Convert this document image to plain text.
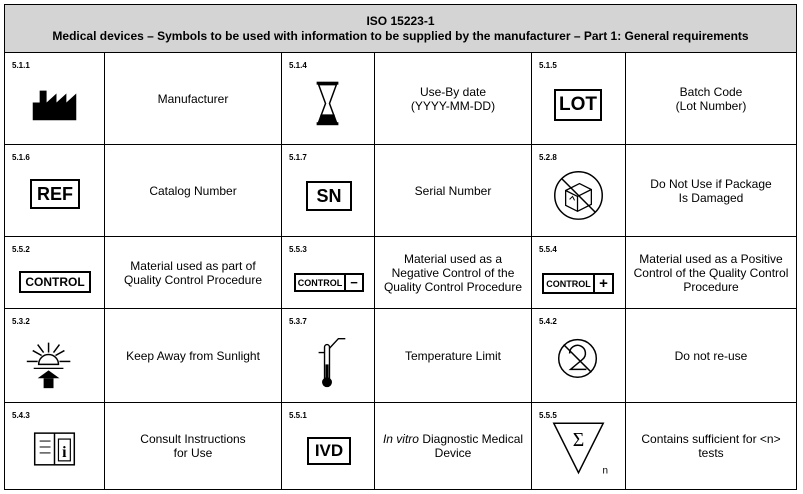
ISO 15223-1
Medical devices – Symbols to be used with information to be supplied by the manufacturer – Part 1: General requirements
5.1.1
Manufacturer
5.1.4
Use-By date
(YYYY-MM-DD)
5.1.5
LOT
Batch Code
(Lot Number)
5.1.6
REF	Catalog Number
5.1.7
SN	Serial Number
5.2.8
Do Not Use if Package
Is Damaged
5.5.2
CONTROL
Material used as part of Quality Control Procedure
5.5.3
CONTROL −
Material used as a Negative Control of the Quality Control Procedure
5.5.4
CONTROL +
Material used as a Positive Control of the Quality Control Procedure
5.3.2
Keep Away from Sunlight
5.3.7
Temperature Limit
5.4.2
Do not re-use
5.4.3
i
Consult Instructions
for Use
5.5.1
IVD
In vitro Diagnostic Medical Device
5.5.5
Σ
n
Contains sufficient for <n>
tests
